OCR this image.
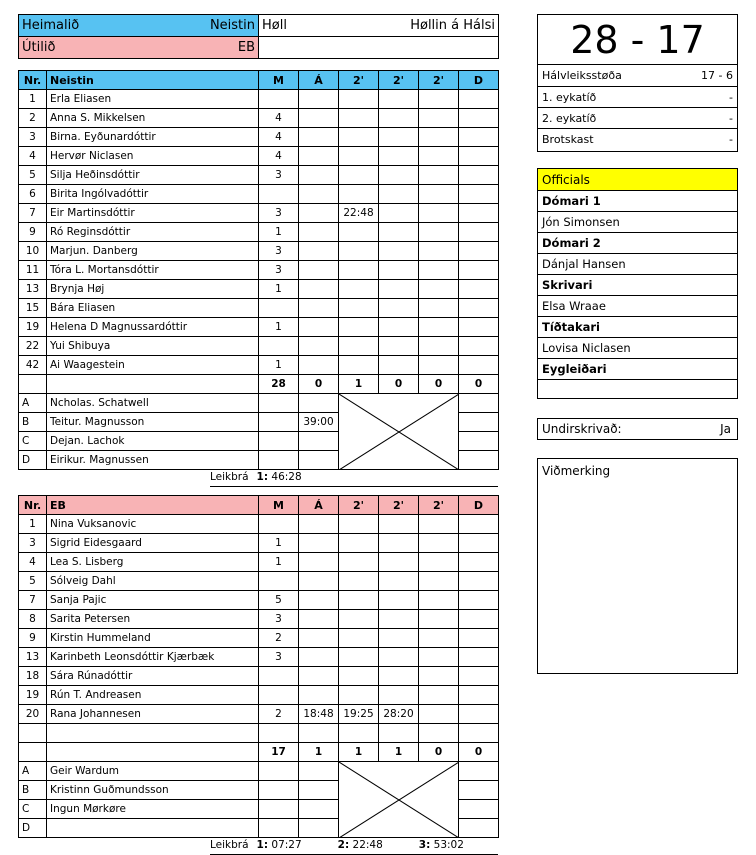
Heimalið Neistin	Høll Høllin á Hálsi

Útilið EB	
		28 - 17
Hálvleiksstøða	17 - 6
1. eykatíð	-
2. eykatíð	-
Brotskast	-
Officials
Dómari 1
Jón Simonsen
Dómari 2
Dánjal Hansen
Skrivari
Elsa Wraae
Tíðtakari
Lovisa Niclasen
Eygleiðari
Undirskrivað:	Ja
Viðmerking
Nr.	Neistin	M	Á	2'	2'	2'	D
1	Erla Eliasen						
2	Anna S. Mikkelsen	4					
3	Birna. Eyðunardóttir	4					
4	Hervør Niclasen	4					
5	Silja Heðinsdóttir	3					
6	Birita Ingólvadóttir						
7	Eir Martinsdóttir	3		22:48			
9	Ró Reginsdóttir	1					
10	Marjun. Danberg	3					
11	Tóra L. Mortansdóttir	3					
13	Brynja Høj	1					
15	Bára Eliasen						
19	Helena D Magnussardóttir	1					
22	Yui Shibuya						
42	Ai Waagestein	1					
		28	0	1	0	0	0
A	Ncholas. Schatwell						
B	Teitur. Magnusson		39:00				
C	Dejan. Lachok						
D	Eirikur. Magnussen						
Leikbrá 1: 46:28
Nr.	EB	M	Á	2'	2'	2'	D
1	Nina Vuksanovic						
3	Sigrid Eidesgaard	1					
4	Lea S. Lisberg	1					
5	Sólveig Dahl						
7	Sanja Pajic	5					
8	Sarita Petersen	3					
9	Kirstin Hummeland	2					
13	Karinbeth Leonsdóttir Kjærbæk	3					
18	Sára Rúnadóttir						
19	Rún T. Andreasen						
20	Rana Johannesen	2	18:48	19:25	28:20		

		17	1	1	1	0	0
A	Geir Wardum						
B	Kristinn Guðmundsson						
C	Ingun Mørkøre						
D							
Leikbrá 1: 07:27	2: 22:48	3: 53:02
